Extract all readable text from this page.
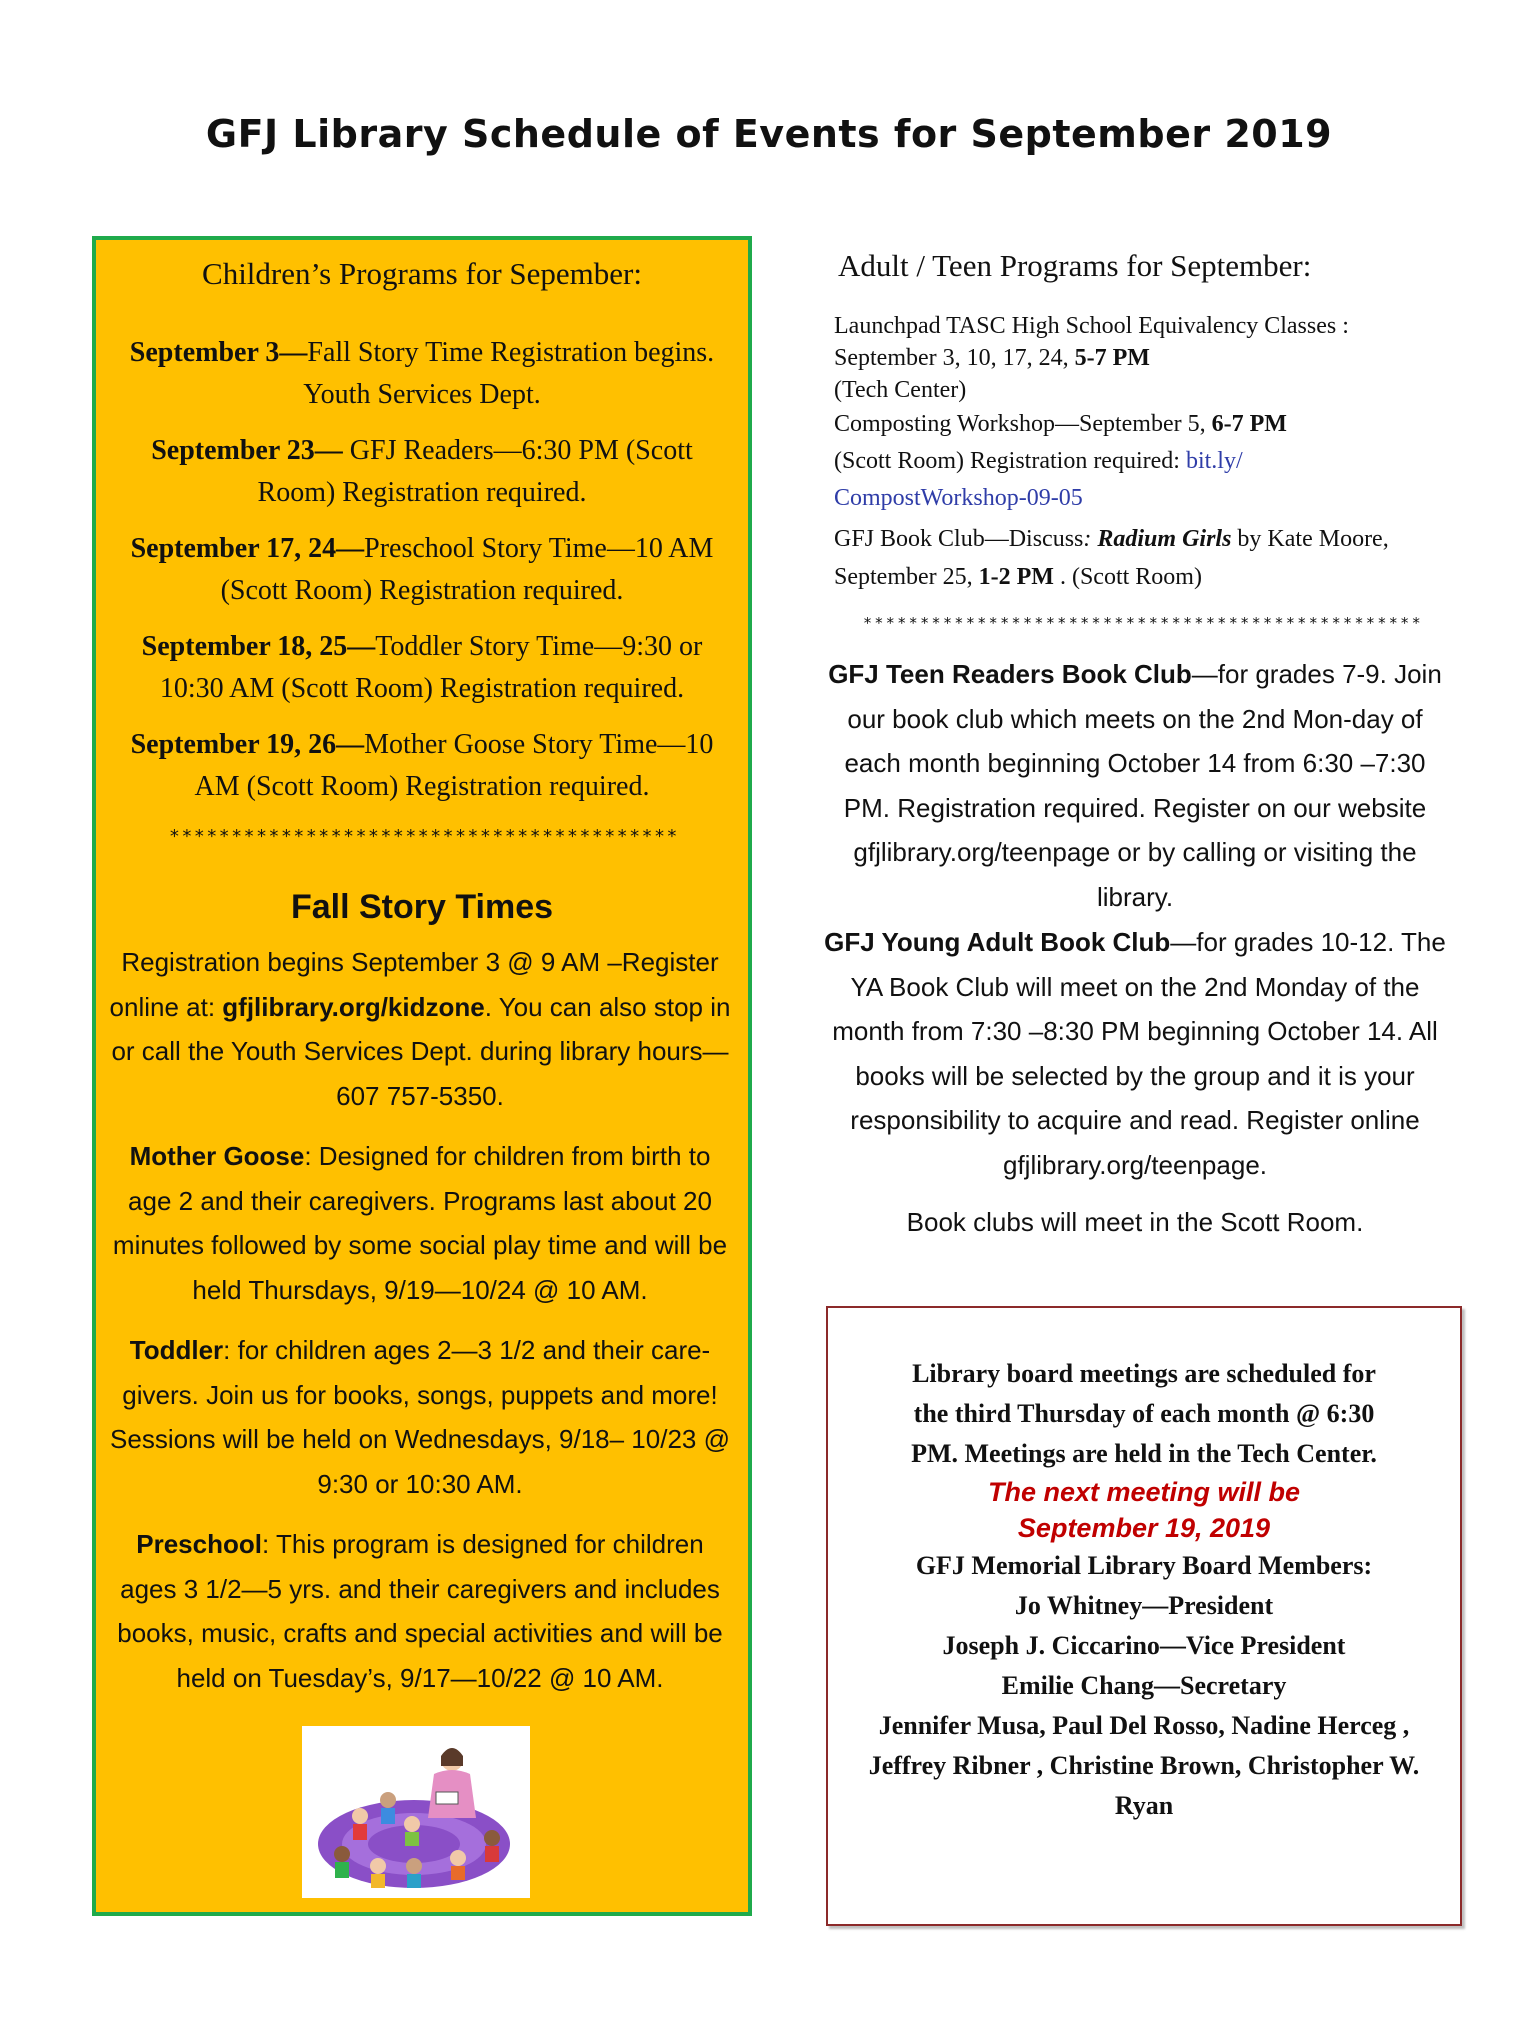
GFJ Library Schedule of Events for September 2019
Children’s Programs for Sepember:
September 3—Fall Story Time Registration begins. Youth Services Dept.
September 23— GFJ Readers—6:30 PM (Scott Room) Registration required.
September 17, 24—Preschool Story Time—10 AM (Scott Room) Registration required.
September 18, 25—Toddler Story Time—9:30 or 10:30 AM (Scott Room) Registration required.
September 19, 26—Mother Goose Story Time—10 AM (Scott Room) Registration required.
*****************************************
Fall Story Times
Registration begins September 3 @ 9 AM –Register online at: gfjlibrary.org/kidzone. You can also stop in or call the Youth Services Dept. during library hours— 607 757-5350.
Mother Goose: Designed for children from birth to age 2 and their caregivers. Programs last about 20 minutes followed by some social play time and will be held Thursdays, 9/19—10/24 @ 10 AM.
Toddler: for children ages 2—3 1/2 and their care-givers. Join us for books, songs, puppets and more! Sessions will be held on Wednesdays, 9/18– 10/23 @ 9:30 or 10:30 AM.
Preschool: This program is designed for children ages 3 1/2—5 yrs. and their caregivers and includes books, music, crafts and special activities and will be held on Tuesday’s, 9/17—10/22 @ 10 AM.
Adult / Teen Programs for September:
Launchpad TASC High School Equivalency Classes : September 3, 10, 17, 24, 5-7 PM
(Tech Center)
Composting Workshop—September 5, 6-7 PM
(Scott Room) Registration required: bit.ly/ CompostWorkshop-09-05
GFJ Book Club—Discuss: Radium Girls by Kate Moore, September 25, 1-2 PM . (Scott Room)
*************************************************
GFJ Teen Readers Book Club—for grades 7-9. Join our book club which meets on the 2nd Mon-day of each month beginning October 14 from 6:30 –7:30 PM. Registration required. Register on our website gfjlibrary.org/teenpage or by calling or visiting the library.
GFJ Young Adult Book Club—for grades 10-12. The YA Book Club will meet on the 2nd Monday of the month from 7:30 –8:30 PM beginning October 14. All books will be selected by the group and it is your responsibility to acquire and read. Register online gfjlibrary.org/teenpage.
Book clubs will meet in the Scott Room.
Library board meetings are scheduled for the third Thursday of each month @ 6:30 PM. Meetings are held in the Tech Center.
The next meeting will be
September 19, 2019
GFJ Memorial Library Board Members:
Jo Whitney—President
Joseph J. Ciccarino—Vice President
Emilie Chang—Secretary
Jennifer Musa, Paul Del Rosso, Nadine Herceg , Jeffrey Ribner , Christine Brown, Christopher W. Ryan
